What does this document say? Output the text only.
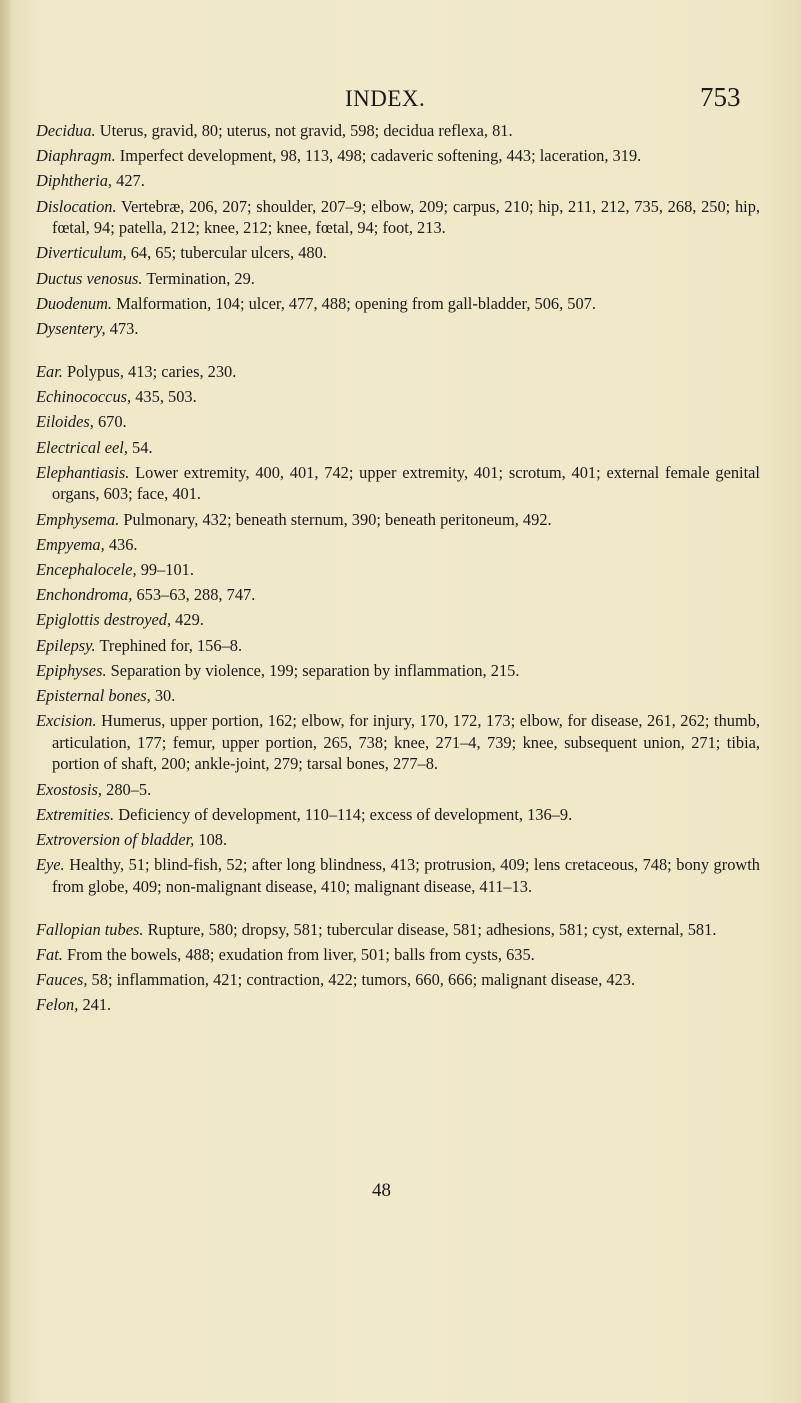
INDEX.	753

Decidua. Uterus, gravid, 80; uterus, not gravid, 598; decidua reflexa, 81.

Diaphragm. Imperfect development, 98, 113, 498; cadaveric softening, 443; laceration, 319.

Diphtheria, 427.

Dislocation. Vertebræ, 206, 207; shoulder, 207–9; elbow, 209; carpus, 210; hip, 211, 212, 735, 268, 250; hip, fœtal, 94; patella, 212; knee, 212; knee, fœtal, 94; foot, 213.

Diverticulum, 64, 65; tubercular ulcers, 480.

Ductus venosus. Termination, 29.

Duodenum. Malformation, 104; ulcer, 477, 488; opening from gall-bladder, 506, 507.

Dysentery, 473.

Ear. Polypus, 413; caries, 230.

Echinococcus, 435, 503.

Eiloides, 670.

Electrical eel, 54.

Elephantiasis. Lower extremity, 400, 401, 742; upper extremity, 401; scrotum, 401; external female genital organs, 603; face, 401.

Emphysema. Pulmonary, 432; beneath sternum, 390; beneath peritoneum, 492.

Empyema, 436.

Encephalocele, 99–101.

Enchondroma, 653–63, 288, 747.

Epiglottis destroyed, 429.

Epilepsy. Trephined for, 156–8.

Epiphyses. Separation by violence, 199; separation by inflammation, 215.

Episternal bones, 30.

Excision. Humerus, upper portion, 162; elbow, for injury, 170, 172, 173; elbow, for disease, 261, 262; thumb, articulation, 177; femur, upper portion, 265, 738; knee, 271–4, 739; knee, subsequent union, 271; tibia, portion of shaft, 200; ankle-joint, 279; tarsal bones, 277–8.

Exostosis, 280–5.

Extremities. Deficiency of development, 110–114; excess of development, 136–9.

Extroversion of bladder, 108.

Eye. Healthy, 51; blind-fish, 52; after long blindness, 413; protrusion, 409; lens cretaceous, 748; bony growth from globe, 409; non-malignant disease, 410; malignant disease, 411–13.

Fallopian tubes. Rupture, 580; dropsy, 581; tubercular disease, 581; adhesions, 581; cyst, external, 581.

Fat. From the bowels, 488; exudation from liver, 501; balls from cysts, 635.

Fauces, 58; inflammation, 421; contraction, 422; tumors, 660, 666; malignant disease, 423.

Felon, 241.

48
